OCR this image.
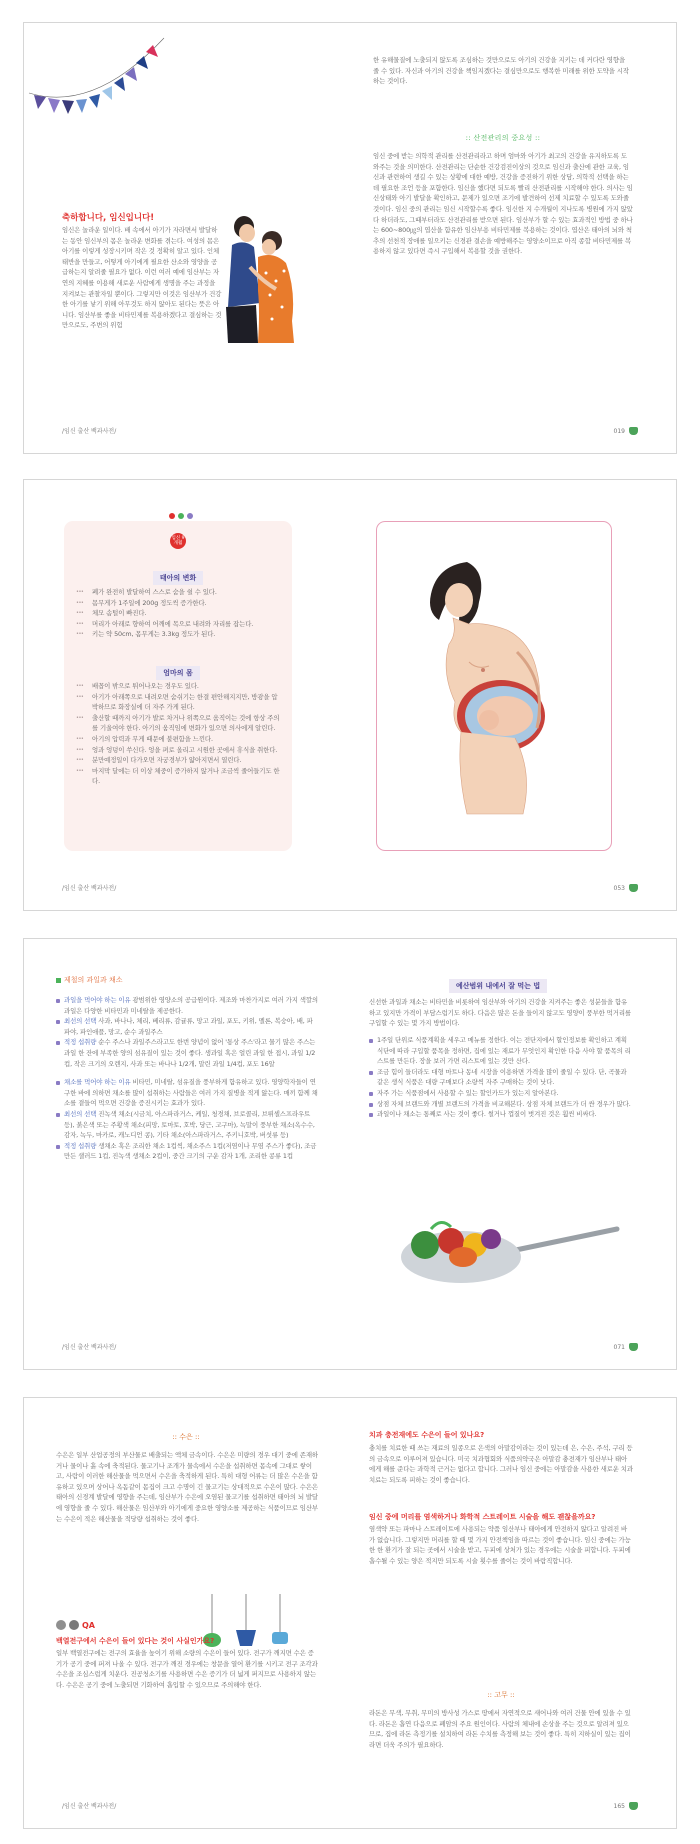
축하합니다, 임신입니다!
임신은 놀라운 일이다. 배 속에서 아기가 자라면서 발달하는 동안 임신부의 몸은 놀라운 변화를 겪는다. 여성의 몸은 아기를 이렇게 성장시키며 작은 것 정확히 알고 있다. 인체 태반을 만들고, 어떻게 아기에게 필요한 산소와 영양을 공급하는지 알려줄 필요가 없다. 이런 여러 예에 임산부는 자연의 지혜를 이용해 새로운 사람에게 생명을 주는 과정을 지켜보는 관찰자일 뿐이다. 그렇지만 이것은 임산부가 건강한 아기를 낳기 위해 아무것도 하지 않아도 된다는 뜻은 아니다. 임산부를 좋을 비타민제를 복용하겠다고 결심하는 것만으로도, 주변의 위험
/임신 출산 백과사전/
한 유해물질에 노출되지 않도록 조심하는 것만으로도 아기의 건강을 지키는 데 커다란 영향을 줄 수 있다. 자신과 아기의 건강을 책임지겠다는 결심만으로도 행복한 미래를 위한 도약을 시작하는 것이다.
:: 산전관리의 중요성 ::
임신 중에 받는 의학적 관리를 산전관리라고 하며 엄마와 아기가 최고의 건강을 유지하도록 도와주는 것을 의미한다. 산전관리는 단순한 건강검진이상의 것으로 임신과 출산에 관한 교육, 임신과 관련하여 생길 수 있는 상황에 대한 예방, 건강을 증진하기 위한 상담, 의학적 선택을 하는 데 필요한 조언 등을 포함한다. 임신을 했다면 되도록 빨리 산전관리를 시작해야 한다. 의사는 임신상태와 아기 발달을 확인하고, 문제가 있으면 조기에 발견하여 선제 치료할 수 있도록 도와줄 것이다. 임신 중의 관리는 임신 시작할수록 좋다. 임신한 지 수개월이 지나도록 병원에 가지 않았다 하더라도, 그때부터라도 산전관리를 받으면 된다. 임산부가 할 수 있는 효과적인 방법 중 하나는 600~800㎍의 엽산을 함유한 임산부용 비타민제를 복용하는 것이다. 엽산은 태아의 뇌와 척추의 선천적 장애를 일으키는 신경관 결손을 예방해주는 영양소이므로 아직 종합 비타민제를 복용하지 않고 있다면 즉시 구입해서 복용할 것을 권한다.
019
임신 9개월
태아의 변화
••• 폐가 완전히 발달하여 스스로 숨을 쉴 수 있다.
••• 몸무게가 1주일에 200g 정도씩 증가한다.
••• 체모 솜털이 빠진다.
••• 머리가 아래로 향하여 어깨에 목으로 내려와 자리를 잡는다.
••• 키는 약 50cm, 몸무게는 3.3kg 정도가 된다.
엄마의 몸
••• 배꼽이 밖으로 튀어나오는 경우도 있다.
••• 아기가 아래쪽으로 내려오면 숨쉬기는 한결 편안해지지만, 방광을 압박하므로 화장실에 더 자주 가게 된다.
••• 출산할 때까지 아기가 발로 차거나 위쪽으로 움직이는 것에 항상 주의를 기울여야 한다. 아기의 움직임에 변화가 있으면 의사에게 알린다.
••• 아기의 압력과 무게 때문에 불편함을 느낀다.
••• 엉과 엉덩이 쑤신다. 엉을 펴로 올리고 시원한 곳에서 휴식을 취한다.
••• 분만예정일이 다가오면 자궁경부가 얇아지면서 열린다.
••• 마지막 달에는 더 이상 체중이 증가하지 않거나 조금씩 줄어들기도 한다.
/임신 출산 백과사전/	053
제철의 과일과 채소
과일을 먹어야 하는 이유 광범위한 영양소의 공급원이다. 제조와 마찬가지로 여러 가지 색깔의 과일은 다양한 비타민과 미네랄을 제공한다.
최선의 선택 사과, 바나나, 체리, 베리류, 감귤류, 망고 과일, 포도, 키위, 멜론, 복숭아, 배, 파파야, 파인애플, 망고, 순수 과일주스
적정 섭취량 순수 주스나 과일주스라고도 한번 양념이 없어 '통상 주스'라고 물기 많은 주스는 과일 한 잔에 부족한 양의 섬유질이 있는 것이 좋다. 생과일 혹은 얼린 과일 한 접시, 과일 1/2컵, 작은 크기의 오렌지, 사과 또는 바나나 1/2개, 말린 과일 1/4컵, 포도 16알
채소를 먹어야 하는 이유 비타민, 미네랄, 섬유질을 풍부하게 함유하고 있다. 영양학자들이 연구한 바에 의하면 채소를 많이 섭취하는 사람들은 여러 가지 질병을 적게 앓는다. 매끼 함께 채소를 곁들여 먹으면 건강을 증진시키는 효과가 있다.
최선의 선택 진녹색 채소(시금치, 아스파라거스, 케일, 청경채, 브로콜리, 브뤼셀스프라우트 등), 붉은색 또는 주황색 채소(피망, 토마토, 호박, 당근, 고구마), 녹말이 풍부한 채소(옥수수, 감자, 녹두, 마카로, 캐노디언 콩), 기타 채소(아스파라거스, 주키니호박, 버섯류 등)
적정 섭취량 생채소 혹은 조리한 채소 1컵씩, 채소주스 1컵(저염이나 무염 주스가 좋다), 조금 만든 샐러드 1컵, 진녹색 생채소 2컵이, 중간 크기의 구운 감자 1개, 조리한 콩류 1컵
/임신 출산 백과사전/
예산범위 내에서 잘 먹는 법
신선한 과일과 채소는 비타민을 비롯하여 임산부와 아기의 건강을 지켜주는 좋은 성분들을 함유하고 있지만 가격이 부담스럽기도 하다. 다음은 많은 돈을 들이지 않고도 영양이 풍부한 먹거리를 구입할 수 있는 몇 가지 방법이다.
1주일 단위로 식품계획을 세우고 메뉴를 정한다. 이는 전단지에서 할인정보를 확인하고 계획 식단에 따라 구입할 품목을 정하면, 집에 있는 재료가 무엇인지 확인한 다음 사야 할 품목의 리스트를 만든다. 장을 보러 가면 리스트에 있는 것만 산다.
조금 힘이 들더라도 대형 마트나 동네 시장을 이용하면 가격을 많이 줄일 수 있다. 단, 곡물과 같은 생식 식품은 대량 구매보다 소량씩 자주 구매하는 것이 낫다.
자주 가는 식품점에서 사용할 수 있는 할인카드가 있는지 알아본다.
상점 자체 브랜드와 개별 브랜드의 가격을 비교해본다. 상점 자체 브랜드가 더 싼 경우가 많다.
과일이나 채소는 통째로 사는 것이 좋다. 썰거나 껍질이 벗겨진 것은 훨씬 비싸다.
071
:: 수은 ::
수은은 일부 산업공정의 부산물로 배출되는 액체 금속이다. 수은은 미량의 경우 대기 중에 존재하거나 물이나 흙 속에 축적된다. 물고기나 조개가 물속에서 수은을 섭취하면 몸속에 그대로 쌓이고, 사람이 이러한 해산물을 먹으면서 수은을 축적하게 된다. 특히 대형 어류는 더 많은 수은을 함유하고 있으며 상어나 옥돔같이 몸집이 크고 수명이 긴 물고기는 상대적으로 수은이 많다. 수은은 태아의 신경계 발달에 영향을 주는데, 임산부가 수은에 오염된 물고기를 섭취하면 태아의 뇌 발달에 영향을 줄 수 있다. 해산물은 임산부와 아기에게 중요한 영양소를 제공하는 식품이므로 임산부는 수은이 적은 해산물을 적당량 섭취하는 것이 좋다.
QA
백열전구에서 수은이 들어 있다는 것이 사실인가요?
일부 백열전구에는 전구의 효율을 높이기 위해 소량의 수은이 들어 있다. 전구가 깨지면 수은 증기가 공기 중에 퍼져 나올 수 있다. 전구가 깨진 경우에는 창문을 열어 환기를 시키고 전구 조각과 수은을 조심스럽게 치운다. 진공청소기를 사용하면 수은 증기가 더 넓게 퍼지므로 사용하지 않는다. 수은은 공기 중에 노출되면 기화하여 흡입할 수 있으므로 주의해야 한다.
/임신 출산 백과사전/
치과 충전재에도 수은이 들어 있나요?
충치를 치료한 때 쓰는 재료의 일종으로 은색의 아말감이라는 것이 있는데 은, 수은, 주석, 구리 등의 금속으로 이루어져 있습니다. 미국 치과협회와 식품의약국은 아말감 충전재가 임산부나 태아에게 해를 준다는 과학적 근거는 없다고 합니다. 그러나 임신 중에는 아말감을 사용한 새로운 치과 치료는 되도록 피하는 것이 좋습니다.
임신 중에 머리를 염색하거나 화학적 스트레이트 시술을 해도 괜찮을까요?
염색약 또는 파마나 스트레이트에 사용되는 약품 임산부나 태아에게 안전하지 않다고 알려진 바가 없습니다. 그렇지만 머리를 할 때 몇 가지 안전책임을 따르는 것이 좋습니다. 임신 중에는 가능한 한 환기가 잘 되는 곳에서 시술을 받고, 두피에 상처가 있는 경우에는 시술을 피합니다. 두피에 흡수될 수 있는 양은 적지만 되도록 시술 횟수를 줄이는 것이 바람직합니다.
:: 고무 ::
라돈은 무색, 무취, 무미의 방사성 가스로 땅에서 자연적으로 새어나와 여러 건물 안에 있을 수 있다. 라돈은 흡연 다음으로 폐암의 주요 원인이다. 사람의 체내에 손상을 주는 것으로 알려져 있으므로, 집에 라돈 측정기를 설치하여 라돈 수치를 측정해 보는 것이 좋다. 특히 지하실이 있는 집이라면 더욱 주의가 필요하다.
165
